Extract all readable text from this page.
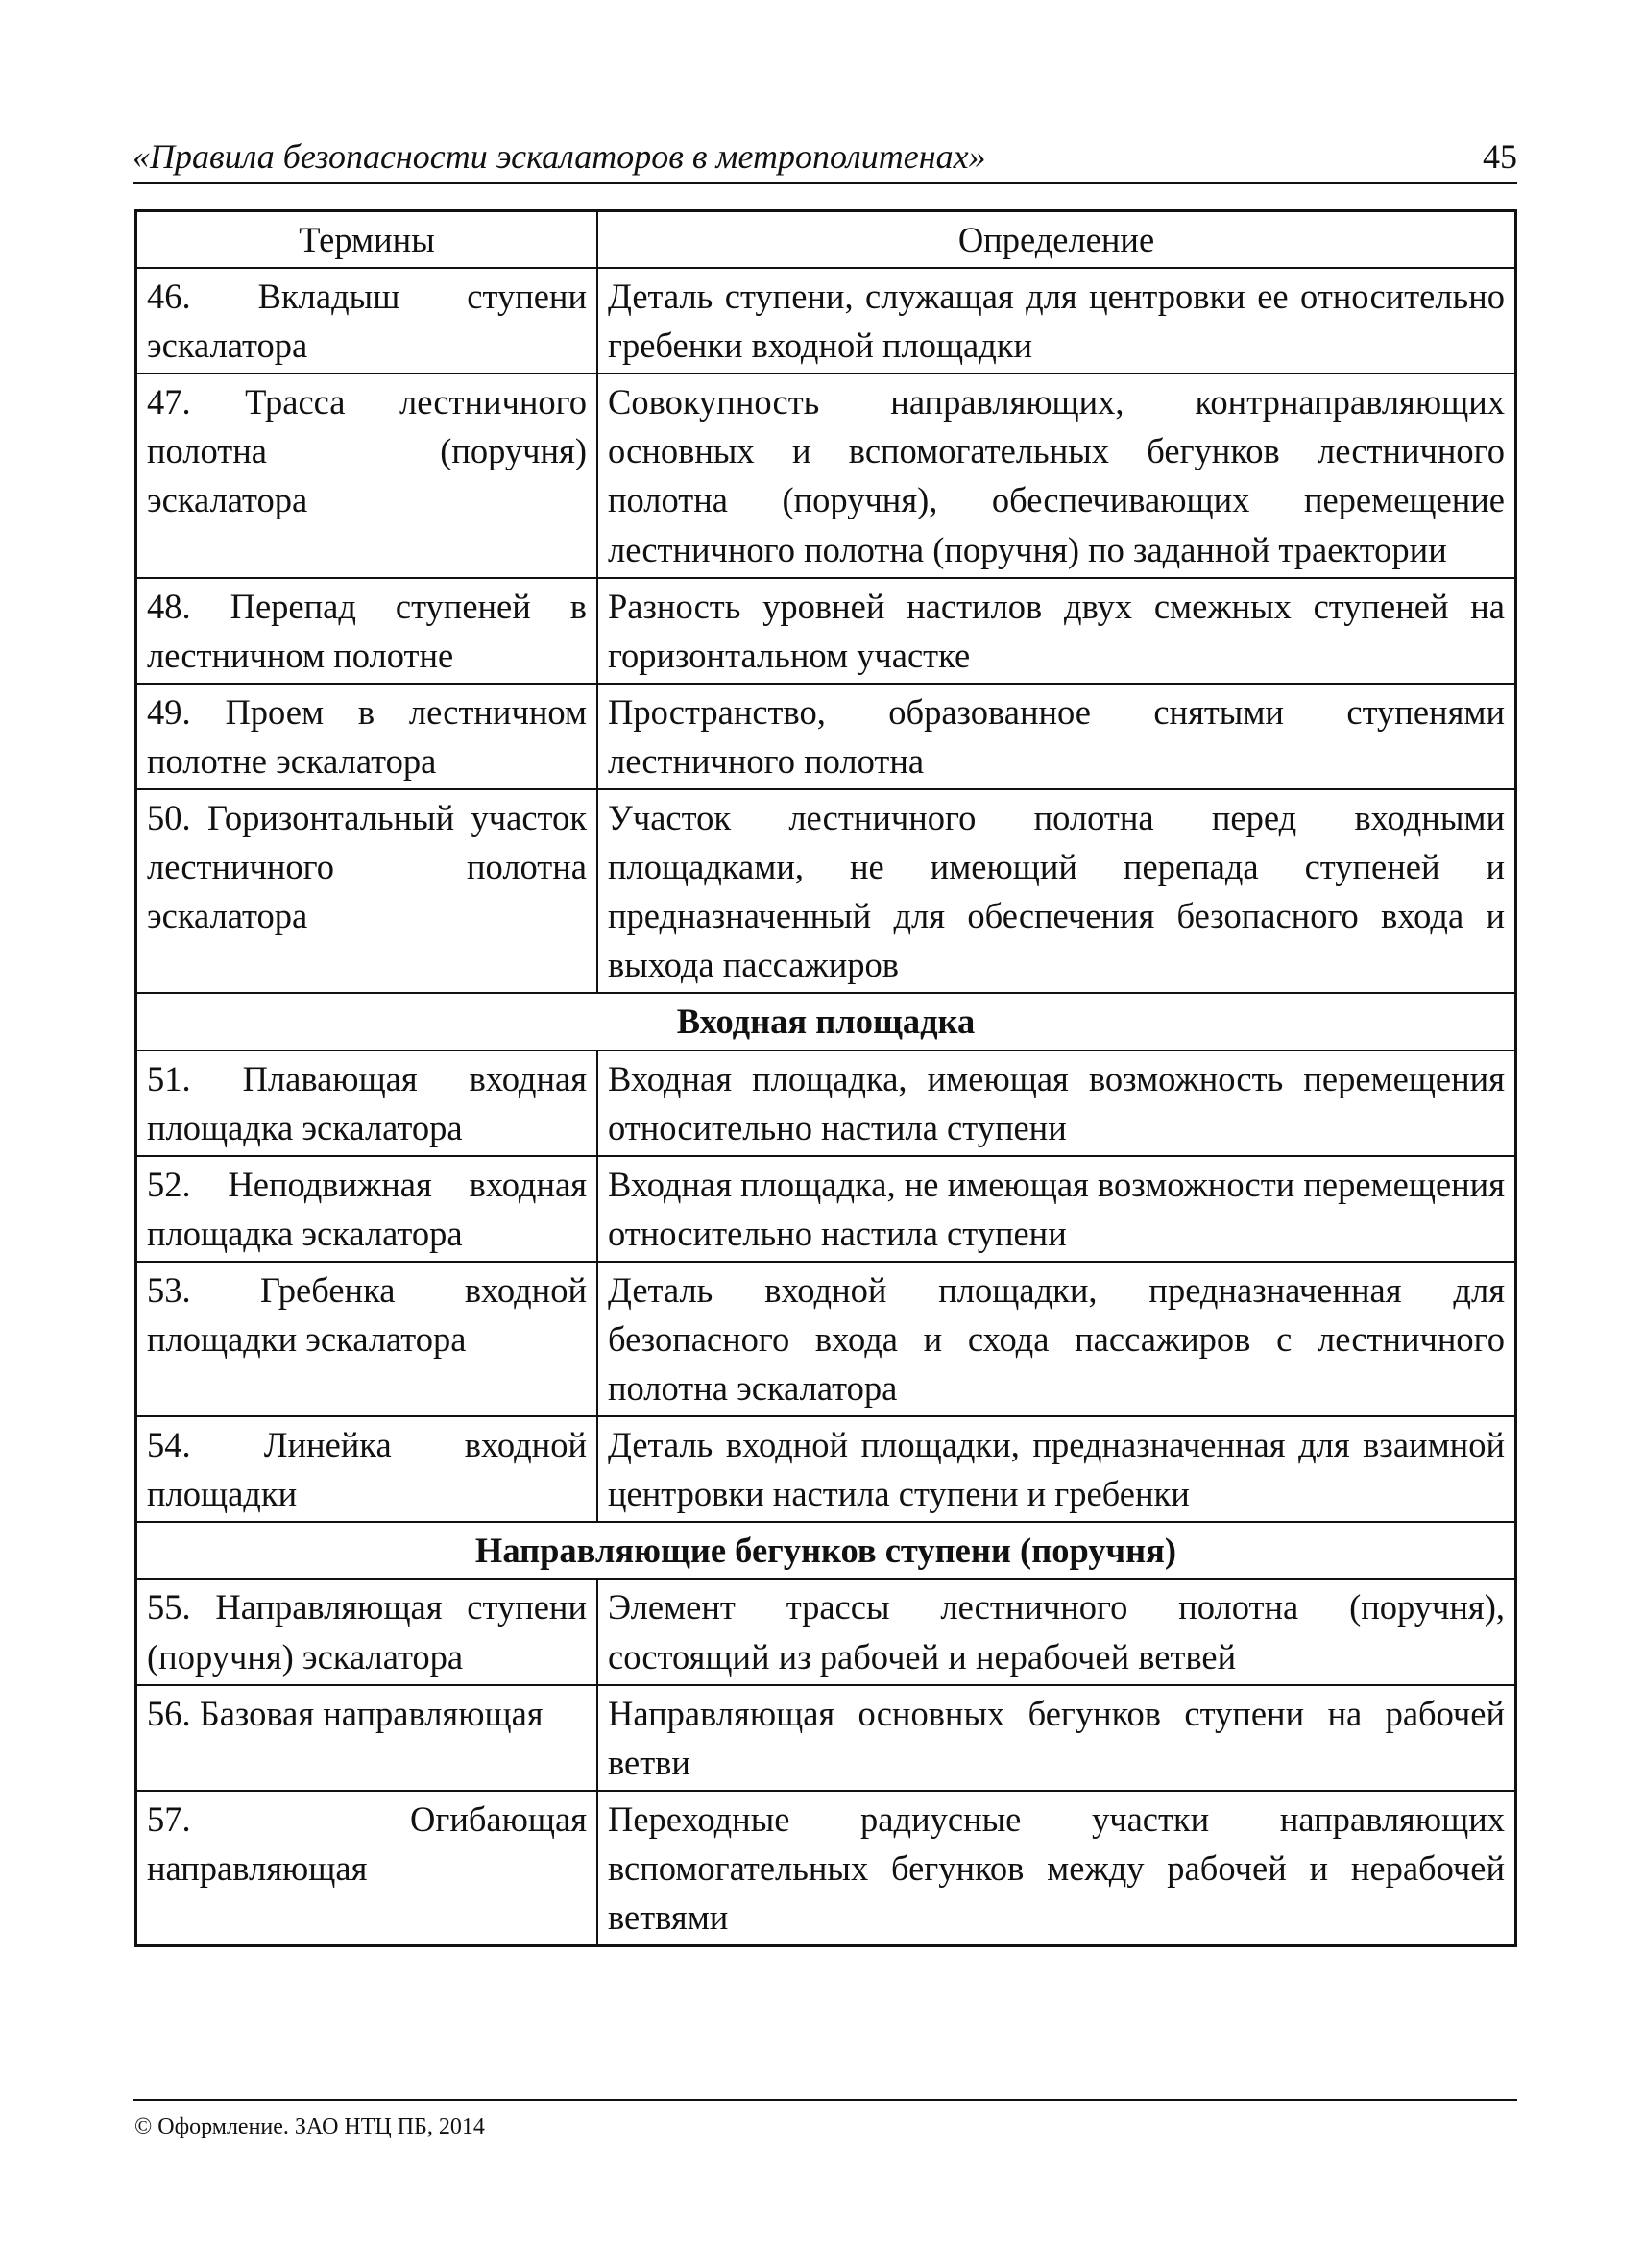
«Правила безопасности эскалаторов в метрополитенах»	45
Термины	Определение
46. Вкладыш ступени эскалатора	Деталь ступени, служащая для центровки ее относительно гребенки входной площадки
47. Трасса лестничного полотна (поручня) эскалатора	Совокупность направляющих, контрнаправляющих основных и вспомогательных бегунков лестничного полотна (поручня), обеспечивающих перемещение лестничного полотна (поручня) по заданной траектории
48. Перепад ступеней в лестничном полотне	Разность уровней настилов двух смежных ступеней на горизонтальном участке
49. Проем в лестничном полотне эскалатора	Пространство, образованное снятыми ступенями лестничного полотна
50. Горизонтальный участок лестничного полотна эскалатора	Участок лестничного полотна перед входными площадками, не имеющий перепада ступеней и предназначенный для обеспечения безопасного входа и выхода пассажиров
Входная площадка	
51. Плавающая входная площадка эскалатора	Входная площадка, имеющая возможность перемещения относительно настила ступени
52. Неподвижная входная площадка эскалатора	Входная площадка, не имеющая возможности перемещения относительно настила ступени
53. Гребенка входной площадки эскалатора	Деталь входной площадки, предназначенная для безопасного входа и схода пассажиров с лестничного полотна эскалатора
54. Линейка входной площадки	Деталь входной площадки, предназначенная для взаимной центровки настила ступени и гребенки
Направляющие бегунков ступени (поручня)	
55. Направляющая ступени (поручня) эскалатора	Элемент трассы лестничного полотна (поручня), состоящий из рабочей и нерабочей ветвей
56. Базовая направляющая	Направляющая основных бегунков ступени на рабочей ветви
57. Огибающая направляющая	Переходные радиусные участки направляющих вспомогательных бегунков между рабочей и нерабочей ветвями
© Оформление. ЗАО НТЦ ПБ, 2014
